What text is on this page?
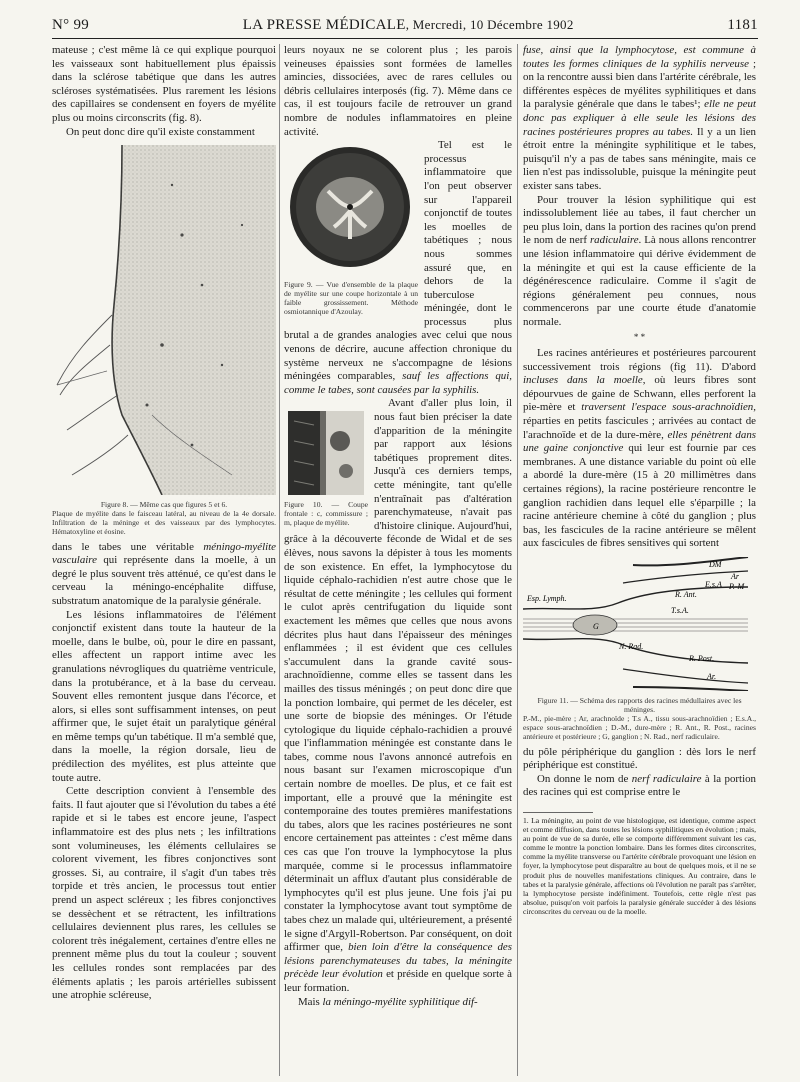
N° 99	LA PRESSE MÉDICALE, Mercredi, 10 Décembre 1902	1181

mateuse ; c'est même là ce qui explique pourquoi les vaisseaux sont habituellement plus épaissis dans la sclérose tabétique que dans les autres scléroses systématisées. Plus rarement les lésions des capillaires se condensent en foyers de myélite plus ou moins circonscrits (fig. 8).

On peut donc dire qu'il existe constamment

Figure 8. — Même cas que figures 5 et 6.
Plaque de myélite dans le faisceau latéral, au niveau de la 4e dorsale. Infiltration de la méninge et des vaisseaux par des lymphocytes. Hématoxyline et éosine.

dans le tabes une véritable méningo-myélite vasculaire qui représente dans la moelle, à un degré le plus souvent très atténué, ce qu'est dans le cerveau la méningo-encéphalite diffuse, substratum anatomique de la paralysie générale.

Les lésions inflammatoires de l'élément conjonctif existent dans toute la hauteur de la moelle, dans le bulbe, où, pour le dire en passant, elles affectent un rapport intime avec les granulations névrogliques du quatrième ventricule, dans la protubérance, et à la base du cerveau. Souvent elles remontent jusque dans l'écorce, et alors, si elles sont suffisamment intenses, on peut affirmer que, le sujet était un paralytique général en même temps qu'un tabétique. Il m'a semblé que, dans la moelle, la région dorsale, lieu de prédilection des myélites, est plus atteinte que toute autre.

Cette description convient à l'ensemble des faits. Il faut ajouter que si l'évolution du tabes a été rapide et si le tabes est encore jeune, l'aspect inflammatoire est des plus nets ; les infiltrations sont volumineuses, les éléments cellulaires se colorent vivement, les fibres conjonctives sont grosses. Si, au contraire, il s'agit d'un tabes très torpide et très ancien, le processus tout entier prend un aspect scléreux ; les fibres conjonctives se dessèchent et se rétractent, les infiltrations cellulaires deviennent plus rares, les cellules se colorent très inégalement, certaines d'entre elles ne prennent même plus du tout la couleur ; souvent les cellules rondes sont remplacées par des éléments aplatis ; les parois artérielles subissent une atrophie scléreuse,

leurs noyaux ne se colorent plus ; les parois veineuses épaissies sont formées de lamelles amincies, dissociées, avec de rares cellules ou débris cellulaires interposés (fig. 7). Même dans ce cas, il est toujours facile de retrouver un grand nombre de nodules inflammatoires en pleine activité.

Figure 9. — Vue d'ensemble de la plaque de myélite sur une coupe horizontale à un faible grossissement. Méthode osmiotannique d'Azoulay.

Tel est le processus inflammatoire que l'on peut observer sur l'appareil conjonctif de toutes les moelles de tabétiques ; nous nous sommes assuré que, en dehors de la tuberculose méningée, dont le processus plus brutal a de grandes analogies avec celui que nous venons de décrire, aucune affection chronique du système nerveux ne s'accompagne de lésions méningées comparables, sauf les affections qui, comme le tabes, sont causées par la syphilis.

Figure 10. — Coupe frontale : c, commissure ; m, plaque de myélite.

Avant d'aller plus loin, il nous faut bien préciser la date d'apparition de la méningite par rapport aux lésions tabétiques proprement dites. Jusqu'à ces derniers temps, cette méningite, tant qu'elle n'entraînait pas d'altération parenchymateuse, n'avait pas d'histoire clinique. Aujourd'hui, grâce à la découverte féconde de Widal et de ses élèves, nous savons la dépister à tous les moments de son existence. En effet, la lymphocytose du liquide céphalo-rachidien n'est autre chose que le résultat de cette méningite ; les cellules qui forment le culot après centrifugation du liquide sont exactement les mêmes que celles que nous avons décrites plus haut dans l'épaisseur des méninges enflammées ; il est évident que ces cellules s'accumulent dans la grande cavité sous-arachnoïdienne, comme elles se tassent dans les mailles des tissus méningés ; on peut donc dire que la ponction lombaire, qui permet de les déceler, est une sorte de biopsie des méninges. Or l'étude cytologique du liquide céphalo-rachidien a prouvé que l'inflammation méningée est constante dans le tabes, comme nous l'avons annoncé autrefois en nous basant sur l'examen microscopique d'un certain nombre de moelles. De plus, et ce fait est important, elle a prouvé que la méningite est contemporaine des toutes premières manifestations du tabes, alors que les racines postérieures ne sont encore certainement pas atteintes : c'est même dans ces cas que l'on trouve la lymphocytose la plus marquée, comme si le processus inflammatoire déterminait un afflux d'autant plus considérable de lymphocytes qu'il est plus jeune. Une fois j'ai pu constater la lymphocytose avant tout symptôme de tabes chez un malade qui, ultérieurement, a présenté le signe d'Argyll-Robertson. Par conséquent, on doit affirmer que, bien loin d'être la conséquence des lésions parenchymateuses du tabes, la méningite précède leur évolution et préside en quelque sorte à leur formation.

Mais la méningo-myélite syphilitique dif-

fuse, ainsi que la lymphocytose, est commune à toutes les formes cliniques de la syphilis nerveuse ; on la rencontre aussi bien dans l'artérite cérébrale, les différentes espèces de myélites syphilitiques et dans la paralysie générale que dans le tabes¹; elle ne peut donc pas expliquer à elle seule les lésions des racines postérieures propres au tabes. Il y a un lien étroit entre la méningite syphilitique et le tabes, puisqu'il n'y a pas de tabes sans méningite, mais ce lien n'est pas indissoluble, puisque la méningite peut exister sans tabes.

Pour trouver la lésion syphilitique qui est indissolublement liée au tabes, il faut chercher un peu plus loin, dans la portion des racines qu'on prend le nom de nerf radiculaire. Là nous allons rencontrer une lésion inflammatoire qui dérive évidemment de la méningite et qui est la cause efficiente de la dégénérescence radiculaire. Comme il s'agit de régions généralement peu connues, nous commencerons par une courte étude d'anatomie normale.

* *

Les racines antérieures et postérieures parcourent successivement trois régions (fig 11). D'abord incluses dans la moelle, où leurs fibres sont dépourvues de gaine de Schwann, elles perforent la pie-mère et traversent l'espace sous-arachnoïdien, réparties en petits fascicules ; arrivées au contact de l'arachnoïde et de la dure-mère, elles pénètrent dans une gaine conjonctive qui leur est fournie par ces membranes. A une distance variable du point où elle a abordé la dure-mère (15 à 20 millimètres dans certaines régions), la racine postérieure rencontre le ganglion rachidien dans lequel elle s'éparpille ; la racine antérieure chemine à côté du ganglion ; plus bas, les fascicules de la racine antérieure se mêlent aux fascicules de fibres sensitives qui sortent

DM
Ar
E.s.A P.-M
R. Ant.
Esp. Lymph.
T.s.A.
G
N. Rad.
R. Post.
Ar.
Figure 11. — Schéma des rapports des racines médullaires avec les méninges.
P.-M., pie-mère ; Ar, arachnoïde ; T.s A., tissu sous-arachnoïdien ; E.s.A., espace sous-arachnoïdien ; D.-M., dure-mère ; R. Ant., R. Post., racines antérieure et postérieure ; G, ganglion ; N. Rad., nerf radiculaire.

du pôle périphérique du ganglion : dès lors le nerf périphérique est constitué.

On donne le nom de nerf radiculaire à la portion des racines qui est comprise entre le

1. La méningite, au point de vue histologique, est identique, comme aspect et comme diffusion, dans toutes les lésions syphilitiques en évolution ; mais, au point de vue de sa durée, elle se comporte différemment suivant les cas, comme le montre la ponction lombaire. Dans les formes dites circonscrites, comme la myélite transverse ou l'artérite cérébrale provoquant une lésion en foyer, la lymphocytose peut disparaître au bout de quelques mois, et il ne se produit plus de nouvelles manifestations cliniques. Au contraire, dans le tabes et la paralysie générale, affections où l'évolution ne paraît pas s'arrêter, la lymphocytose persiste indéfiniment. Toutefois, cette règle n'est pas absolue, puisqu'on voit parfois la paralysie générale succéder à des lésions circonscrites du cerveau ou de la moelle.
